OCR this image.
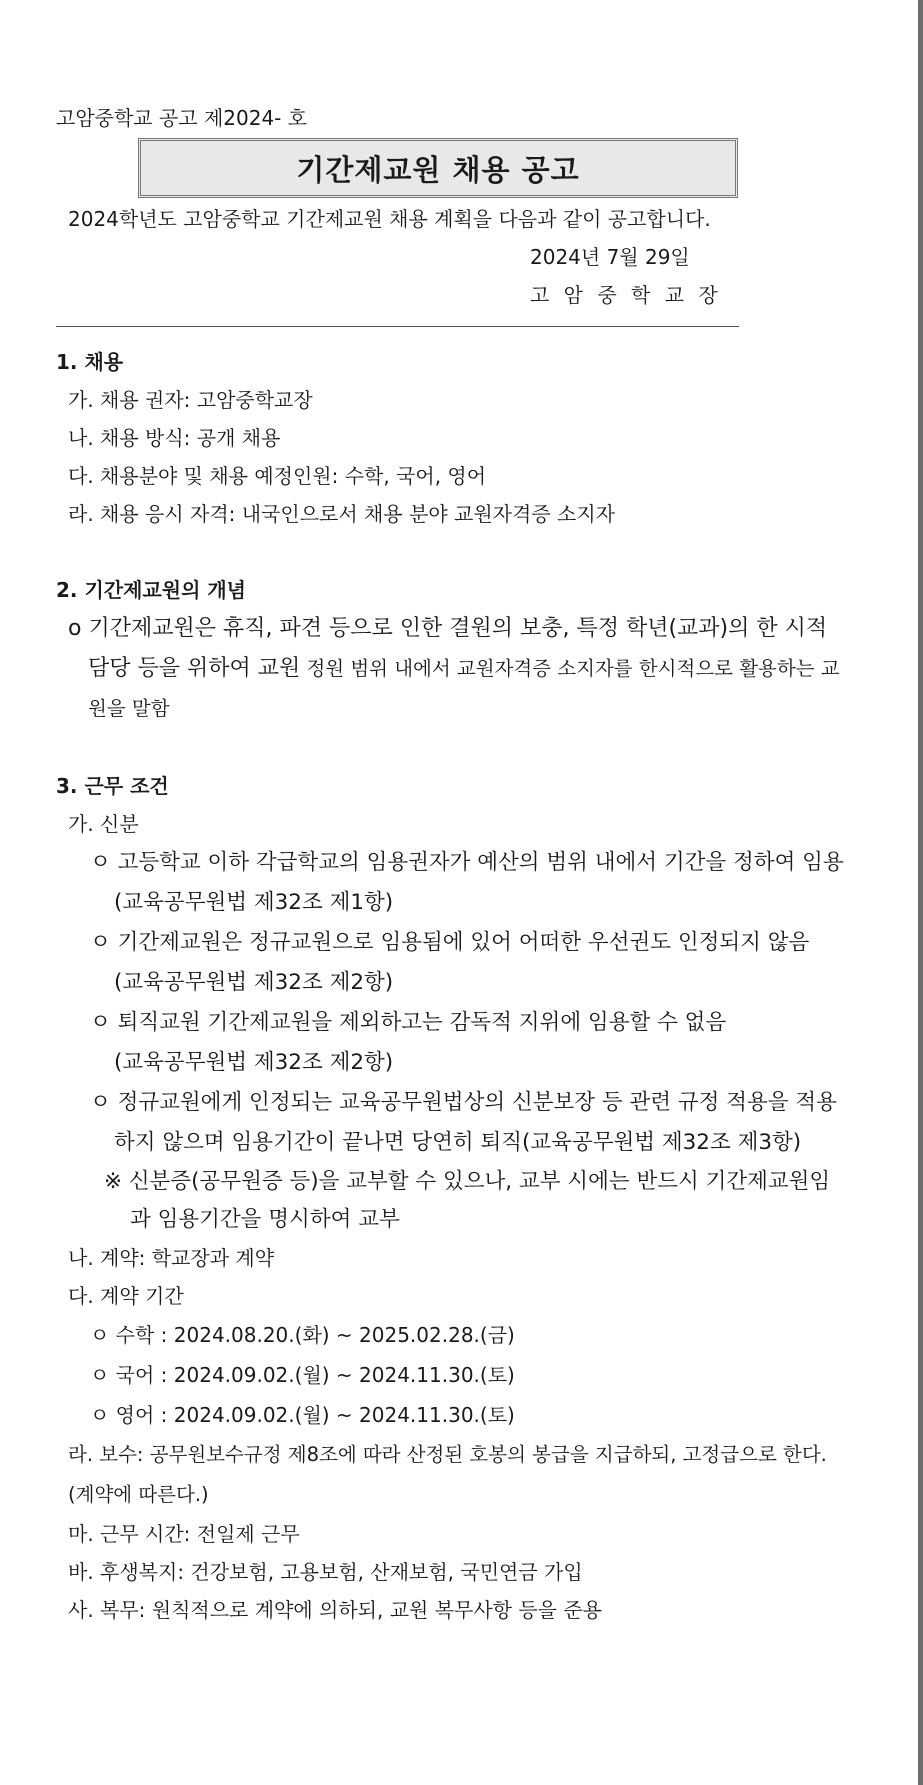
고암중학교 공고 제2024- 호
기간제교원 채용 공고
2024학년도 고암중학교 기간제교원 채용 계획을 다음과 같이 공고합니다.
2024년 7월 29일
고 암 중 학 교 장
1. 채용
가. 채용 권자: 고암중학교장
나. 채용 방식: 공개 채용
다. 채용분야 및 채용 예정인원: 수학, 국어, 영어
라. 채용 응시 자격: 내국인으로서 채용 분야 교원자격증 소지자
2. 기간제교원의 개념
o 기간제교원은 휴직, 파견 등으로 인한 결원의 보충, 특정 학년(교과)의 한 시적 담당 등을 위하여 교원 정원 범위 내에서 교원자격증 소지자를 한시적으로 활용하는 교원을 말함
3. 근무 조건
가. 신분
ㅇ 고등학교 이하 각급학교의 임용권자가 예산의 범위 내에서 기간을 정하여 임용(교육공무원법 제32조 제1항)
ㅇ 기간제교원은 정규교원으로 임용됨에 있어 어떠한 우선권도 인정되지 않음
(교육공무원법 제32조 제2항)
ㅇ 퇴직교원 기간제교원을 제외하고는 감독적 지위에 임용할 수 없음
(교육공무원법 제32조 제2항)
ㅇ 정규교원에게 인정되는 교육공무원법상의 신분보장 등 관련 규정 적용을 적용하지 않으며 임용기간이 끝나면 당연히 퇴직(교육공무원법 제32조 제3항)
※ 신분증(공무원증 등)을 교부할 수 있으나, 교부 시에는 반드시 기간제교원임과 임용기간을 명시하여 교부
나. 계약: 학교장과 계약
다. 계약 기간
ㅇ 수학 : 2024.08.20.(화) ~ 2025.02.28.(금)
ㅇ 국어 : 2024.09.02.(월) ~ 2024.11.30.(토)
ㅇ 영어 : 2024.09.02.(월) ~ 2024.11.30.(토)
라. 보수: 공무원보수규정 제8조에 따라 산정된 호봉의 봉급을 지급하되, 고정급으로 한다. (계약에 따른다.)
마. 근무 시간: 전일제 근무
바. 후생복지: 건강보험, 고용보험, 산재보험, 국민연금 가입
사. 복무: 원칙적으로 계약에 의하되, 교원 복무사항 등을 준용
